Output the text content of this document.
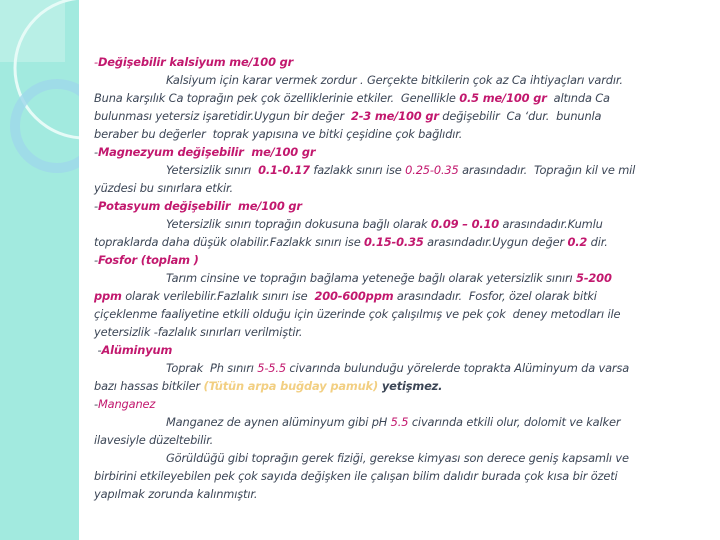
-Değişebilir kalsiyum me/100 gr
Kalsiyum için karar vermek zordur . Gerçekte bitkilerin çok az Ca ihtiyaçları vardır.
Buna karşılık Ca toprağın pek çok özelliklerinie etkiler.  Genellikle 0.5 me/100 gr  altında Ca
bulunması yetersiz işaretidir.Uygun bir değer  2-3 me/100 gr değişebilir  Ca ‘dur.  bununla
beraber bu değerler  toprak yapısına ve bitki çeşidine çok bağlıdır.
-Magnezyum değişebilir  me/100 gr
Yetersizlik sınırı  0.1-0.17 fazlakk sınırı ise 0.25-0.35 arasındadır.  Toprağın kil ve mil
yüzdesi bu sınırlara etkir.
-Potasyum değişebilir  me/100 gr
Yetersizlik sınırı toprağın dokusuna bağlı olarak 0.09 – 0.10 arasındadır.Kumlu
topraklarda daha düşük olabilir.Fazlakk sınırı ise 0.15-0.35 arasındadır.Uygun değer 0.2 dir.
-Fosfor (toplam )
Tarım cinsine ve toprağın bağlama yeteneğe bağlı olarak yetersizlik sınırı 5-200
ppm olarak verilebilir.Fazlalık sınırı ise  200-600ppm arasındadır.  Fosfor, özel olarak bitki
çiçeklenme faaliyetine etkili olduğu için üzerinde çok çalışılmış ve pek çok  deney metodları ile
yetersizlik -fazlalık sınırları verilmiştir.
-Alüminyum
Toprak  Ph sınırı 5-5.5 civarında bulunduğu yörelerde toprakta Alüminyum da varsa
bazı hassas bitkiler (Tütün arpa buğday pamuk) yetişmez.
-Manganez
Manganez de aynen alüminyum gibi pH 5.5 civarında etkili olur, dolomit ve kalker
ilavesiyle düzeltebilir.
Görüldüğü gibi toprağın gerek fiziği, gerekse kimyası son derece geniş kapsamlı ve
birbirini etkileyebilen pek çok sayıda değişken ile çalışan bilim dalıdır burada çok kısa bir özeti
yapılmak zorunda kalınmıştır.
